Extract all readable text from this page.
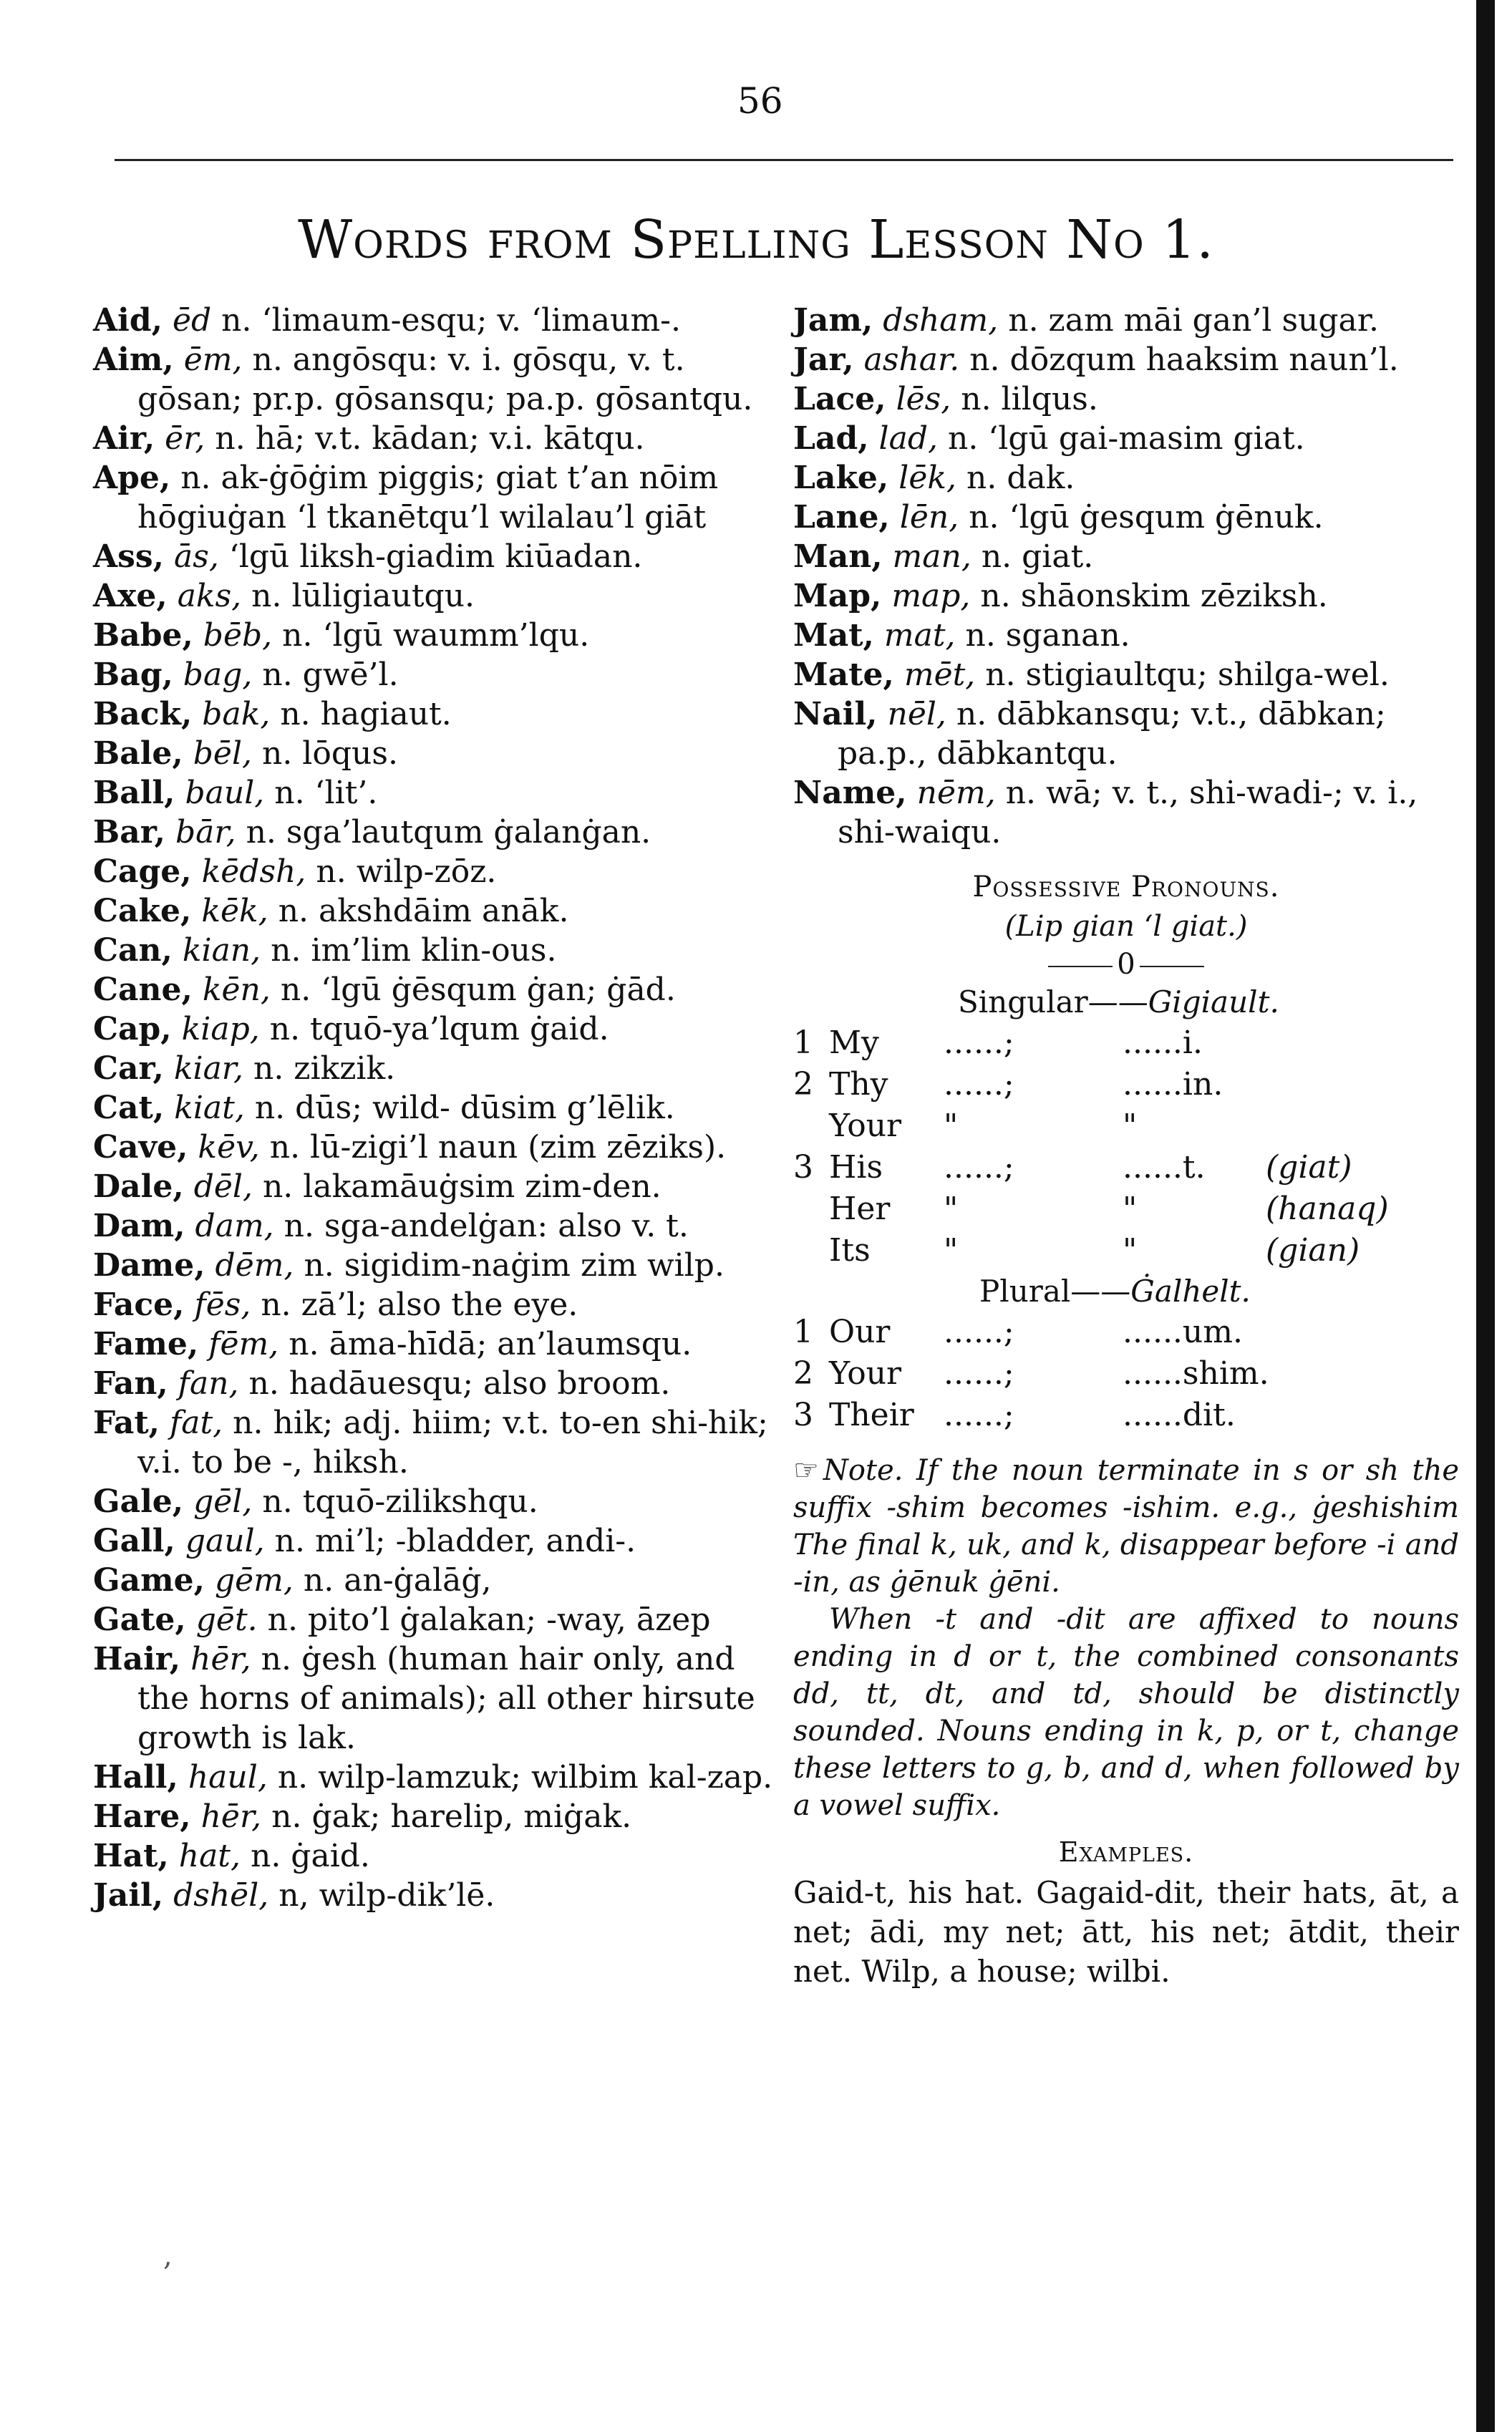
56
Words from Spelling Lesson No 1.
Aid, ēd n. ‘limaum-esqu; v. ‘limaum-.
Aim, ēm, n. angōsqu: v. i. gōsqu, v. t. gōsan; pr.p. gōsansqu; pa.p. gōsantqu.
Air, ēr, n. hā; v.t. kādan; v.i. kātqu.
Ape, n. ak-ġōġim piggis; giat t’an nōim hōgiuġan ‘l tkanētqu’l wilalau’l giāt
Ass, ās, ‘lgū liksh-giadim kiūadan.
Axe, aks, n. lūligiautqu.
Babe, bēb, n. ‘lgū waumm’lqu.
Bag, bag, n. gwē’l.
Back, bak, n. hagiaut.
Bale, bēl, n. lōqus.
Ball, baul, n. ‘lit’.
Bar, bār, n. sga’lautqum ġalanġan.
Cage, kēdsh, n. wilp-zōz.
Cake, kēk, n. akshdāim anāk.
Can, kian, n. im’lim klin-ous.
Cane, kēn, n. ‘lgū ġēsqum ġan; ġād.
Cap, kiap, n. tquō-ya’lqum ġaid.
Car, kiar, n. zikzik.
Cat, kiat, n. dūs; wild- dūsim g’lēlik.
Cave, kēv, n. lū-zigi’l naun (zim zēziks).
Dale, dēl, n. lakamāuġsim zim-den.
Dam, dam, n. sga-andelġan: also v. t.
Dame, dēm, n. sigidim-naġim zim wilp.
Face, fēs, n. zā’l; also the eye.
Fame, fēm, n. āma-hīdā; an’laumsqu.
Fan, fan, n. hadāuesqu; also broom.
Fat, fat, n. hik; adj. hiim; v.t. to-en shi-hik; v.i. to be -, hiksh.
Gale, gēl, n. tquō-zilikshqu.
Gall, gaul, n. mi’l; -bladder, andi-.
Game, gēm, n. an-ġalāġ,
Gate, gēt. n. pito’l ġalakan; -way, āzep
Hair, hēr, n. ġesh (human hair only, and the horns of animals); all other hirsute growth is lak.
Hall, haul, n. wilp-lamzuk; wilbim kal-zap.
Hare, hēr, n. ġak; harelip, miġak.
Hat, hat, n. ġaid.
Jail, dshēl, n, wilp-dik’lē.
Jam, dsham, n. zam māi gan’l sugar.
Jar, ashar. n. dōzqum haaksim naun’l.
Lace, lēs, n. lilqus.
Lad, lad, n. ‘lgū gai-masim giat.
Lake, lēk, n. dak.
Lane, lēn, n. ‘lgū ġesqum ġēnuk.
Man, man, n. giat.
Map, map, n. shāonskim zēziksh.
Mat, mat, n. sganan.
Mate, mēt, n. stigiaultqu; shilga-wel.
Nail, nēl, n. dābkansqu; v.t., dābkan; pa.p., dābkantqu.
Name, nēm, n. wā; v. t., shi-wadi-; v. i., shi-waiqu.
Possessive Pronouns.
(Lip gian ‘l giat.)
0
Singular——Gigiault.
1 My	......;	......i.
2 Thy	......;	......in.
Your	"	"
3 His	......;	......t.	(giat)
Her	"	"	(hanaq)
Its	"	"	(gian)
Plural——Ġalhelt.
1 Our	......;	......um.
2 Your	......;	......shim.
3 Their ......;	......dit.
☞ Note. If the noun terminate in s or sh the suffix -shim becomes -ishim. e.g., ġeshishim The final k, uk, and k, disappear before -i and -in, as ġēnuk ġēni.
When -t and -dit are affixed to nouns ending in d or t, the combined consonants dd, tt, dt, and td, should be distinctly sounded. Nouns ending in k, p, or t, change these letters to g, b, and d, when followed by a vowel suffix.
Examples.
Gaid-t, his hat. Gagaid-dit, their hats, āt, a net; ādi, my net; ātt, his net; ātdit, their net. Wilp, a house; wilbi.
,
